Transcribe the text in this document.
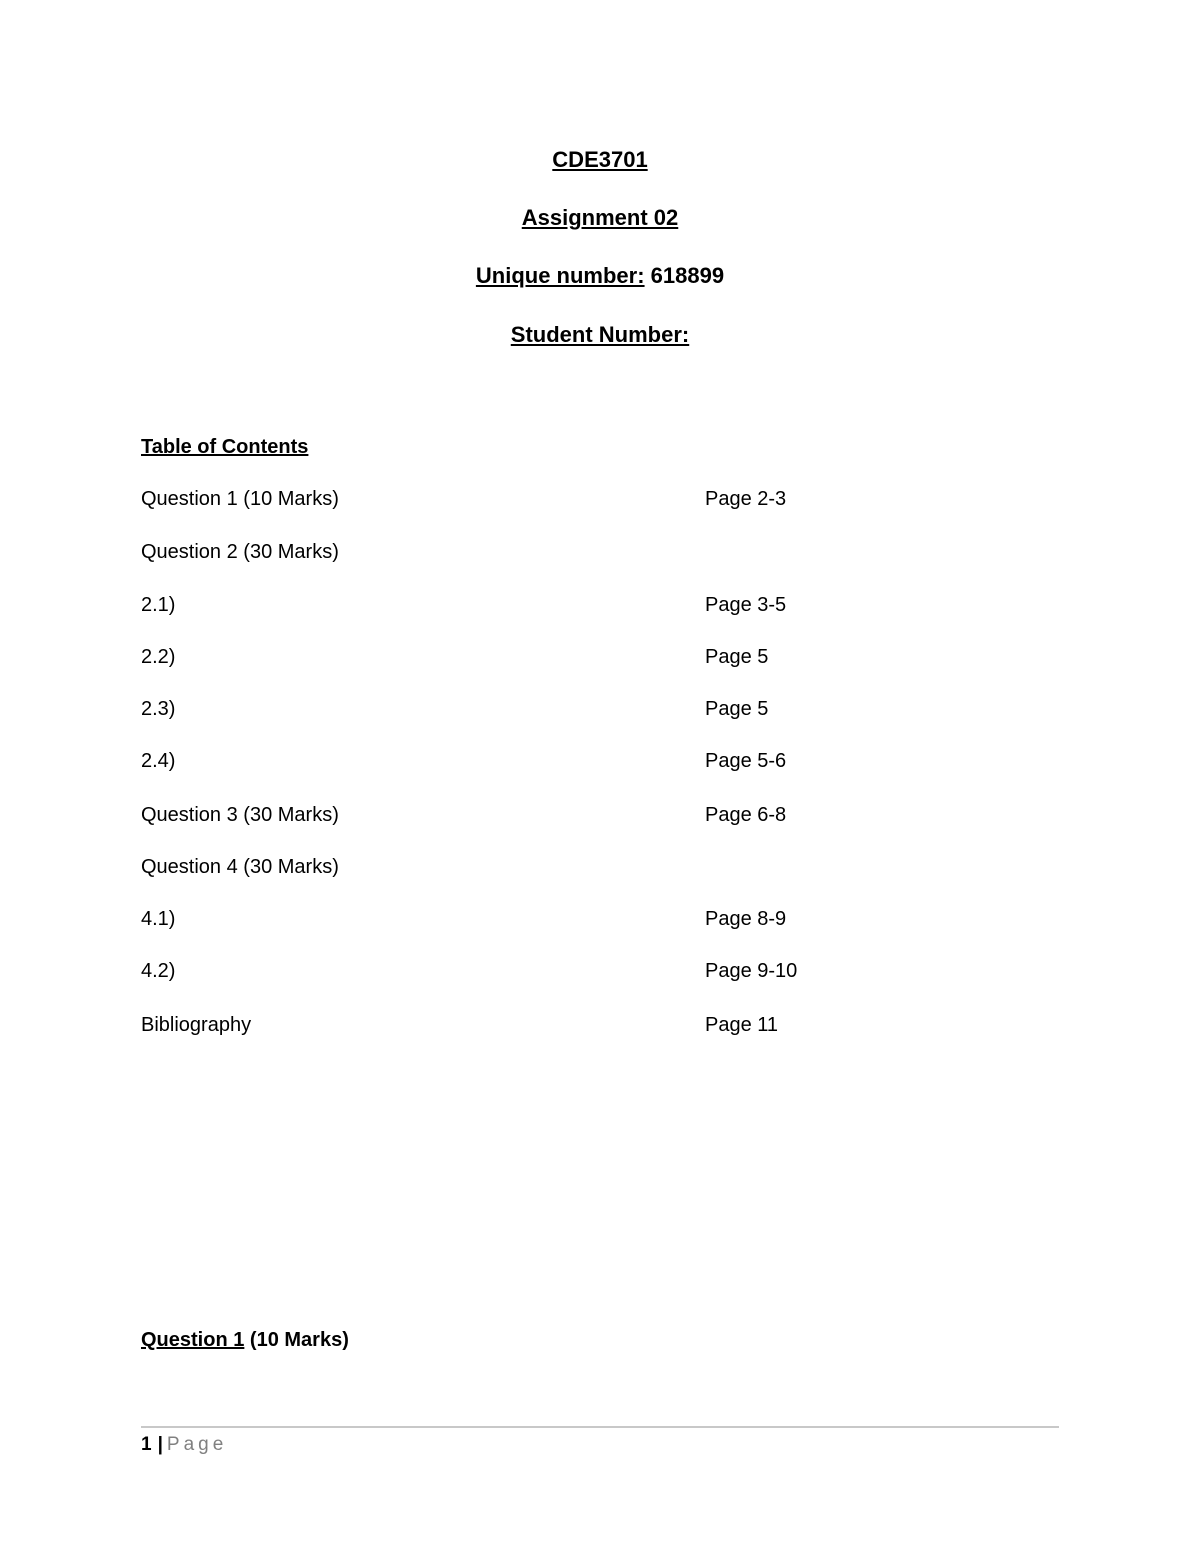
CDE3701
Assignment 02
Unique number: 618899
Student Number:
Table of Contents
Question 1 (10 Marks)	Page 2-3
Question 2 (30 Marks)
2.1)	Page 3-5
2.2)	Page 5
2.3)	Page 5
2.4)	Page 5-6
Question 3 (30 Marks)	Page 6-8
Question 4 (30 Marks)
4.1)	Page 8-9
4.2)	Page 9-10
Bibliography	Page 11
Question 1 (10 Marks)
1 | Page
